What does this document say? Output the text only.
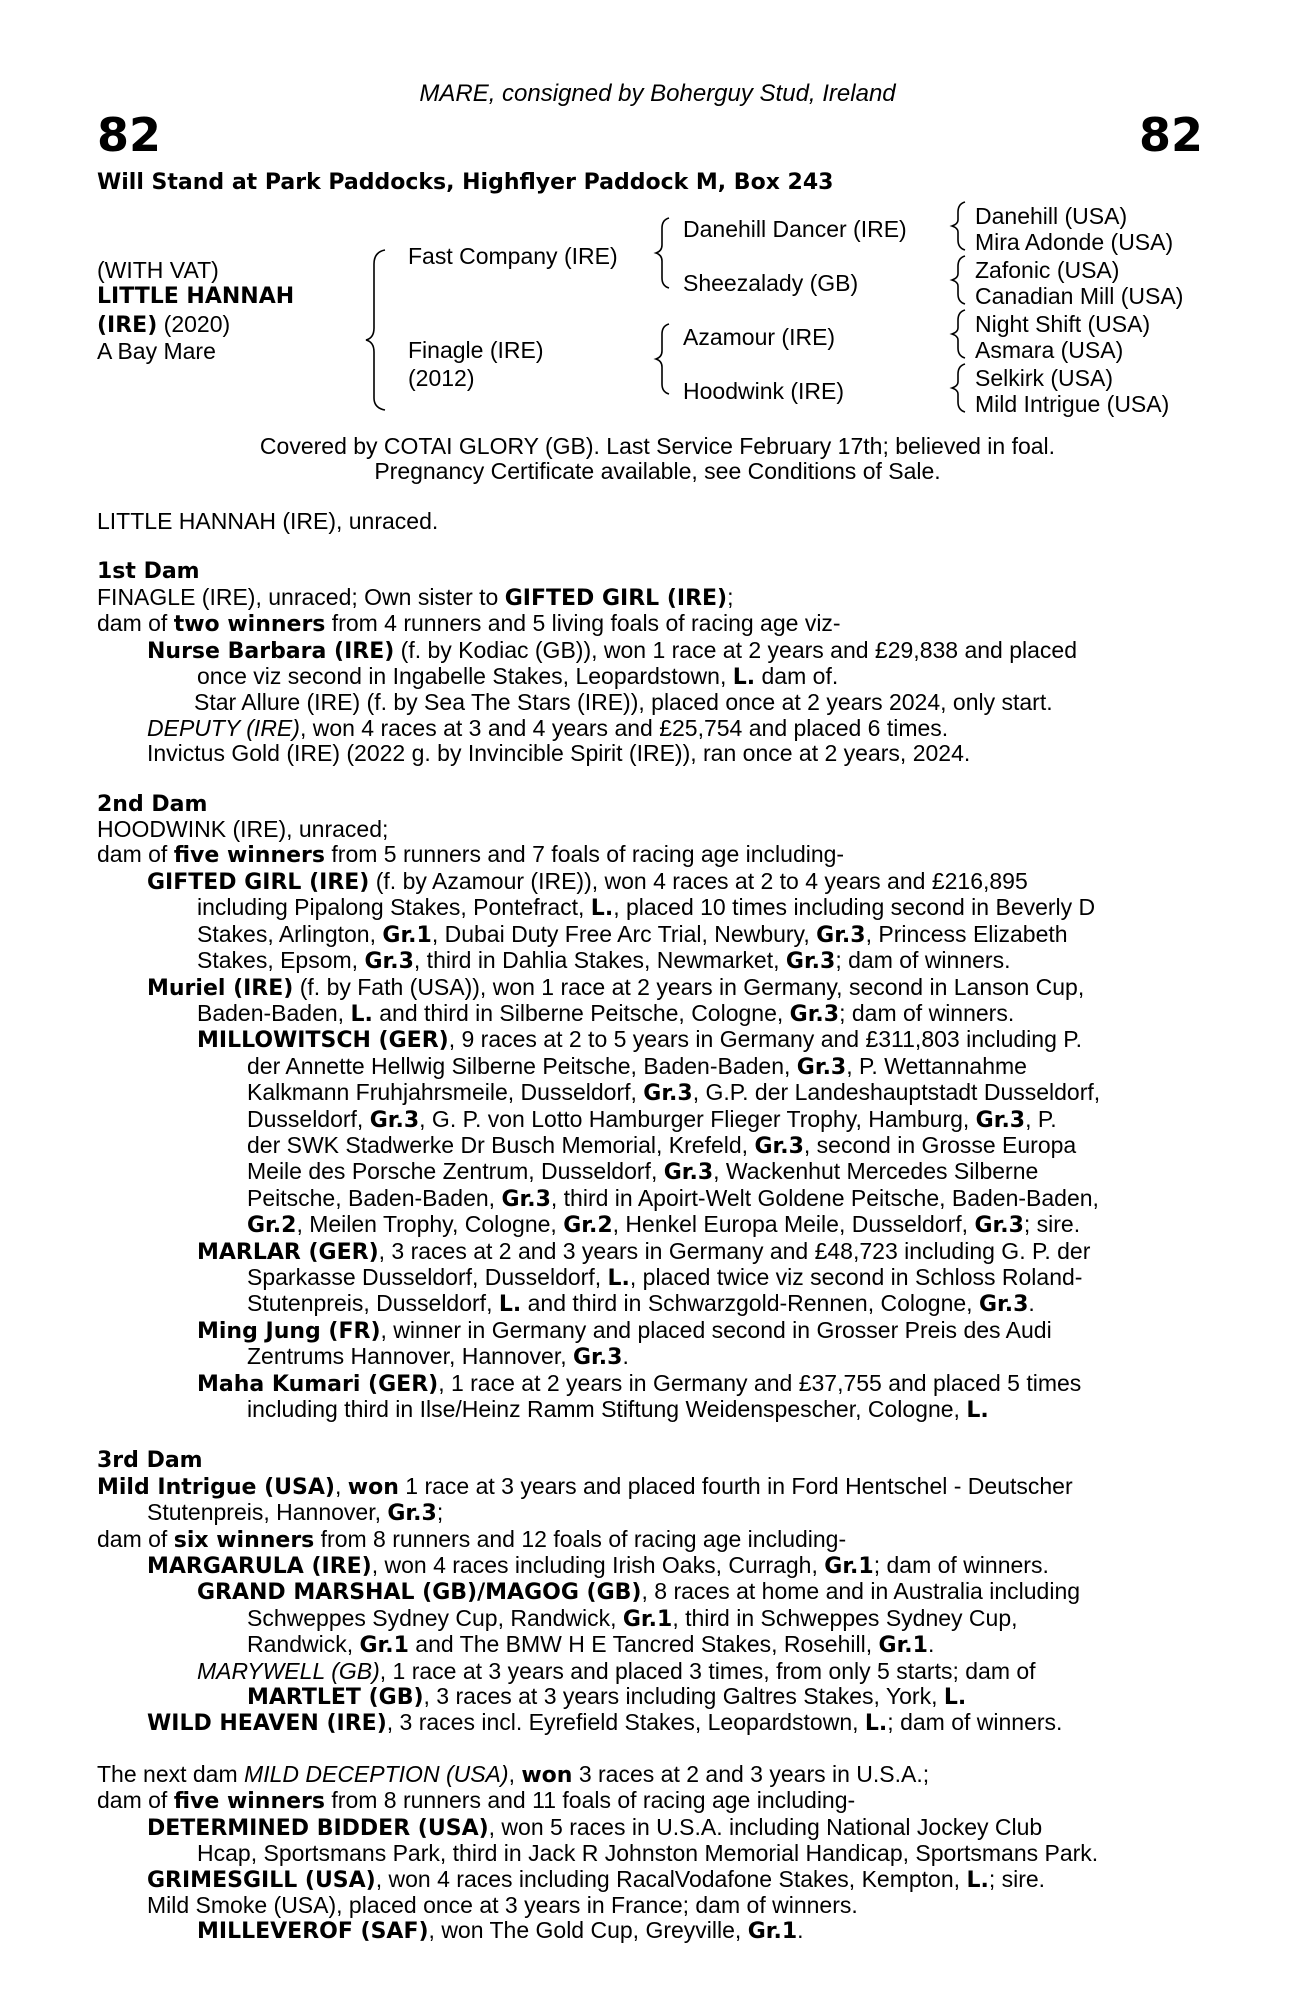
82	82
MARE, consigned by Boherguy Stud, Ireland
Will Stand at Park Paddocks, Highflyer Paddock M, Box 243
(WITH VAT)
LITTLE HANNAH
(IRE) (2020)
A Bay Mare
Fast Company (IRE)
Finagle (IRE)
(2012)
Danehill Dancer (IRE)
Sheezalady (GB)
Azamour (IRE)
Hoodwink (IRE)
Danehill (USA)
Mira Adonde (USA)
Zafonic (USA)
Canadian Mill (USA)
Night Shift (USA)
Asmara (USA)
Selkirk (USA)
Mild Intrigue (USA)
Covered by COTAI GLORY (GB). Last Service February 17th; believed in foal.
Pregnancy Certificate available, see Conditions of Sale.

LITTLE HANNAH (IRE), unraced.

1st Dam

FINAGLE (IRE), unraced; Own sister to GIFTED GIRL (IRE);

dam of two winners from 4 runners and 5 living foals of racing age viz-

Nurse Barbara (IRE) (f. by Kodiac (GB)), won 1 race at 2 years and £29,838 and placed

once viz second in Ingabelle Stakes, Leopardstown, L. dam of.

Star Allure (IRE) (f. by Sea The Stars (IRE)), placed once at 2 years 2024, only start.

DEPUTY (IRE), won 4 races at 3 and 4 years and £25,754 and placed 6 times.

Invictus Gold (IRE) (2022 g. by Invincible Spirit (IRE)), ran once at 2 years, 2024.

2nd Dam

HOODWINK (IRE), unraced;

dam of five winners from 5 runners and 7 foals of racing age including-

GIFTED GIRL (IRE) (f. by Azamour (IRE)), won 4 races at 2 to 4 years and £216,895

including Pipalong Stakes, Pontefract, L., placed 10 times including second in Beverly D

Stakes, Arlington, Gr.1, Dubai Duty Free Arc Trial, Newbury, Gr.3, Princess Elizabeth

Stakes, Epsom, Gr.3, third in Dahlia Stakes, Newmarket, Gr.3; dam of winners.

Muriel (IRE) (f. by Fath (USA)), won 1 race at 2 years in Germany, second in Lanson Cup,

Baden-Baden, L. and third in Silberne Peitsche, Cologne, Gr.3; dam of winners.

MILLOWITSCH (GER), 9 races at 2 to 5 years in Germany and £311,803 including P.

der Annette Hellwig Silberne Peitsche, Baden-Baden, Gr.3, P. Wettannahme

Kalkmann Fruhjahrsmeile, Dusseldorf, Gr.3, G.P. der Landeshauptstadt Dusseldorf,

Dusseldorf, Gr.3, G. P. von Lotto Hamburger Flieger Trophy, Hamburg, Gr.3, P.

der SWK Stadwerke Dr Busch Memorial, Krefeld, Gr.3, second in Grosse Europa

Meile des Porsche Zentrum, Dusseldorf, Gr.3, Wackenhut Mercedes Silberne

Peitsche, Baden-Baden, Gr.3, third in Apoirt-Welt Goldene Peitsche, Baden-Baden,

Gr.2, Meilen Trophy, Cologne, Gr.2, Henkel Europa Meile, Dusseldorf, Gr.3; sire.

MARLAR (GER), 3 races at 2 and 3 years in Germany and £48,723 including G. P. der

Sparkasse Dusseldorf, Dusseldorf, L., placed twice viz second in Schloss Roland-

Stutenpreis, Dusseldorf, L. and third in Schwarzgold-Rennen, Cologne, Gr.3.

Ming Jung (FR), winner in Germany and placed second in Grosser Preis des Audi

Zentrums Hannover, Hannover, Gr.3.

Maha Kumari (GER), 1 race at 2 years in Germany and £37,755 and placed 5 times

including third in Ilse/Heinz Ramm Stiftung Weidenspescher, Cologne, L.

3rd Dam

Mild Intrigue (USA), won 1 race at 3 years and placed fourth in Ford Hentschel - Deutscher

Stutenpreis, Hannover, Gr.3;

dam of six winners from 8 runners and 12 foals of racing age including-

MARGARULA (IRE), won 4 races including Irish Oaks, Curragh, Gr.1; dam of winners.

GRAND MARSHAL (GB)/MAGOG (GB), 8 races at home and in Australia including

Schweppes Sydney Cup, Randwick, Gr.1, third in Schweppes Sydney Cup,

Randwick, Gr.1 and The BMW H E Tancred Stakes, Rosehill, Gr.1.

MARYWELL (GB), 1 race at 3 years and placed 3 times, from only 5 starts; dam of

MARTLET (GB), 3 races at 3 years including Galtres Stakes, York, L.

WILD HEAVEN (IRE), 3 races incl. Eyrefield Stakes, Leopardstown, L.; dam of winners.

The next dam MILD DECEPTION (USA), won 3 races at 2 and 3 years in U.S.A.;

dam of five winners from 8 runners and 11 foals of racing age including-

DETERMINED BIDDER (USA), won 5 races in U.S.A. including National Jockey Club

Hcap, Sportsmans Park, third in Jack R Johnston Memorial Handicap, Sportsmans Park.

GRIMESGILL (USA), won 4 races including RacalVodafone Stakes, Kempton, L.; sire.

Mild Smoke (USA), placed once at 3 years in France; dam of winners.

MILLEVEROF (SAF), won The Gold Cup, Greyville, Gr.1.
